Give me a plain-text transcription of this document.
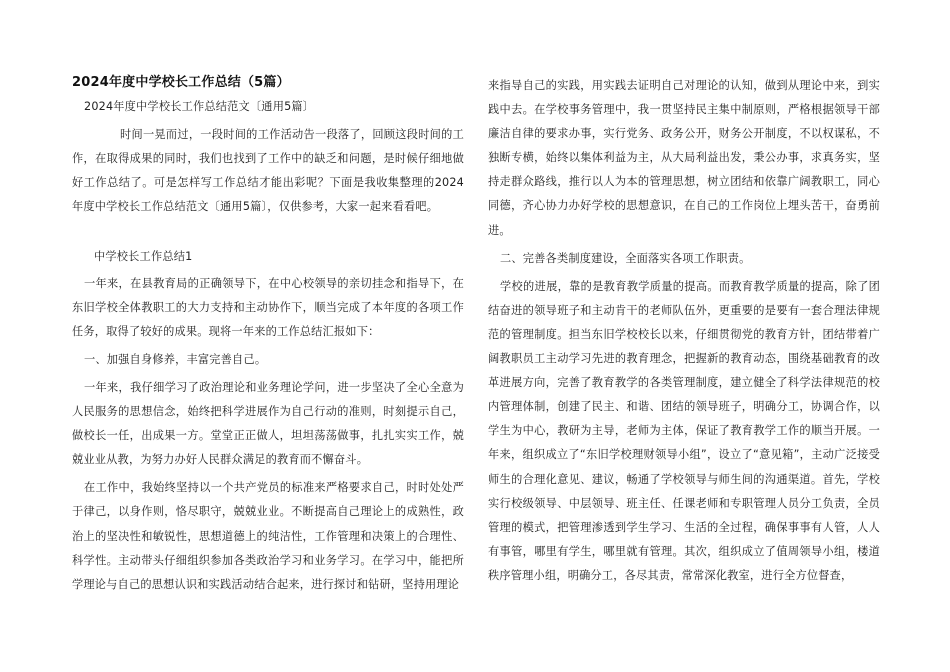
2024年度中学校长工作总结（5篇）
2024年度中学校长工作总结范文〔通用5篇〕
时间一晃而过，一段时间的工作活动告一段落了，回顾这段时间的工作，在取得成果的同时，我们也找到了工作中的缺乏和问题，是时候仔细地做好工作总结了。可是怎样写工作总结才能出彩呢？下面是我收集整理的2024年度中学校长工作总结范文〔通用5篇〕，仅供参考，大家一起来看看吧。
中学校长工作总结1
一年来，在县教育局的正确领导下，在中心校领导的亲切挂念和指导下，在东旧学校全体教职工的大力支持和主动协作下，顺当完成了本年度的各项工作任务，取得了较好的成果。现将一年来的工作总结汇报如下：
一、加强自身修养，丰富完善自己。
一年来，我仔细学习了政治理论和业务理论学问，进一步坚决了全心全意为人民服务的思想信念，始终把科学进展作为自己行动的准则，时刻提示自己，做校长一任，出成果一方。堂堂正正做人，坦坦荡荡做事，扎扎实实工作，兢兢业业从教，为努力办好人民群众满足的教育而不懈奋斗。
在工作中，我始终坚持以一个共产党员的标准来严格要求自己，时时处处严于律己，以身作则，恪尽职守，兢兢业业。不断提高自己理论上的成熟性，政治上的坚决性和敏锐性，思想道德上的纯洁性，工作管理和决策上的合理性、科学性。主动带头仔细组织参加各类政治学习和业务学习。在学习中，能把所学理论与自己的思想认识和实践活动结合起来，进行探讨和钻研，坚持用理论
来指导自己的实践，用实践去证明自己对理论的认知，做到从理论中来，到实践中去。在学校事务管理中，我一贯坚持民主集中制原则，严格根据领导干部廉洁自律的要求办事，实行党务、政务公开，财务公开制度，不以权谋私，不独断专横，始终以集体利益为主，从大局利益出发，秉公办事，求真务实，坚持走群众路线，推行以人为本的管理思想，树立团结和依靠广阔教职工，同心同德，齐心协力办好学校的思想意识，在自己的工作岗位上埋头苦干，奋勇前进。
二、完善各类制度建设，全面落实各项工作职责。
学校的进展，靠的是教育教学质量的提高。而教育教学质量的提高，除了团结奋进的领导班子和主动肯干的老师队伍外，更重要的是要有一套合理法律规范的管理制度。担当东旧学校校长以来，仔细贯彻党的教育方针，团结带着广阔教职员工主动学习先进的教育理念，把握新的教育动态，围绕基础教育的改革进展方向，完善了教育教学的各类管理制度，建立健全了科学法律规范的校内管理体制，创建了民主、和谐、团结的领导班子，明确分工，协调合作，以学生为中心，教研为主导，老师为主体，保证了教育教学工作的顺当开展。一年来，组织成立了“东旧学校理财领导小组”，设立了“意见箱”，主动广泛接受师生的合理化意见、建议，畅通了学校领导与师生间的沟通渠道。首先，学校实行校级领导、中层领导、班主任、任课老师和专职管理人员分工负责，全员管理的模式，把管理渗透到学生学习、生活的全过程，确保事事有人管，人人有事管，哪里有学生，哪里就有管理。其次，组织成立了值周领导小组，楼道秩序管理小组，明确分工，各尽其责，常常深化教室，进行全方位督查，
